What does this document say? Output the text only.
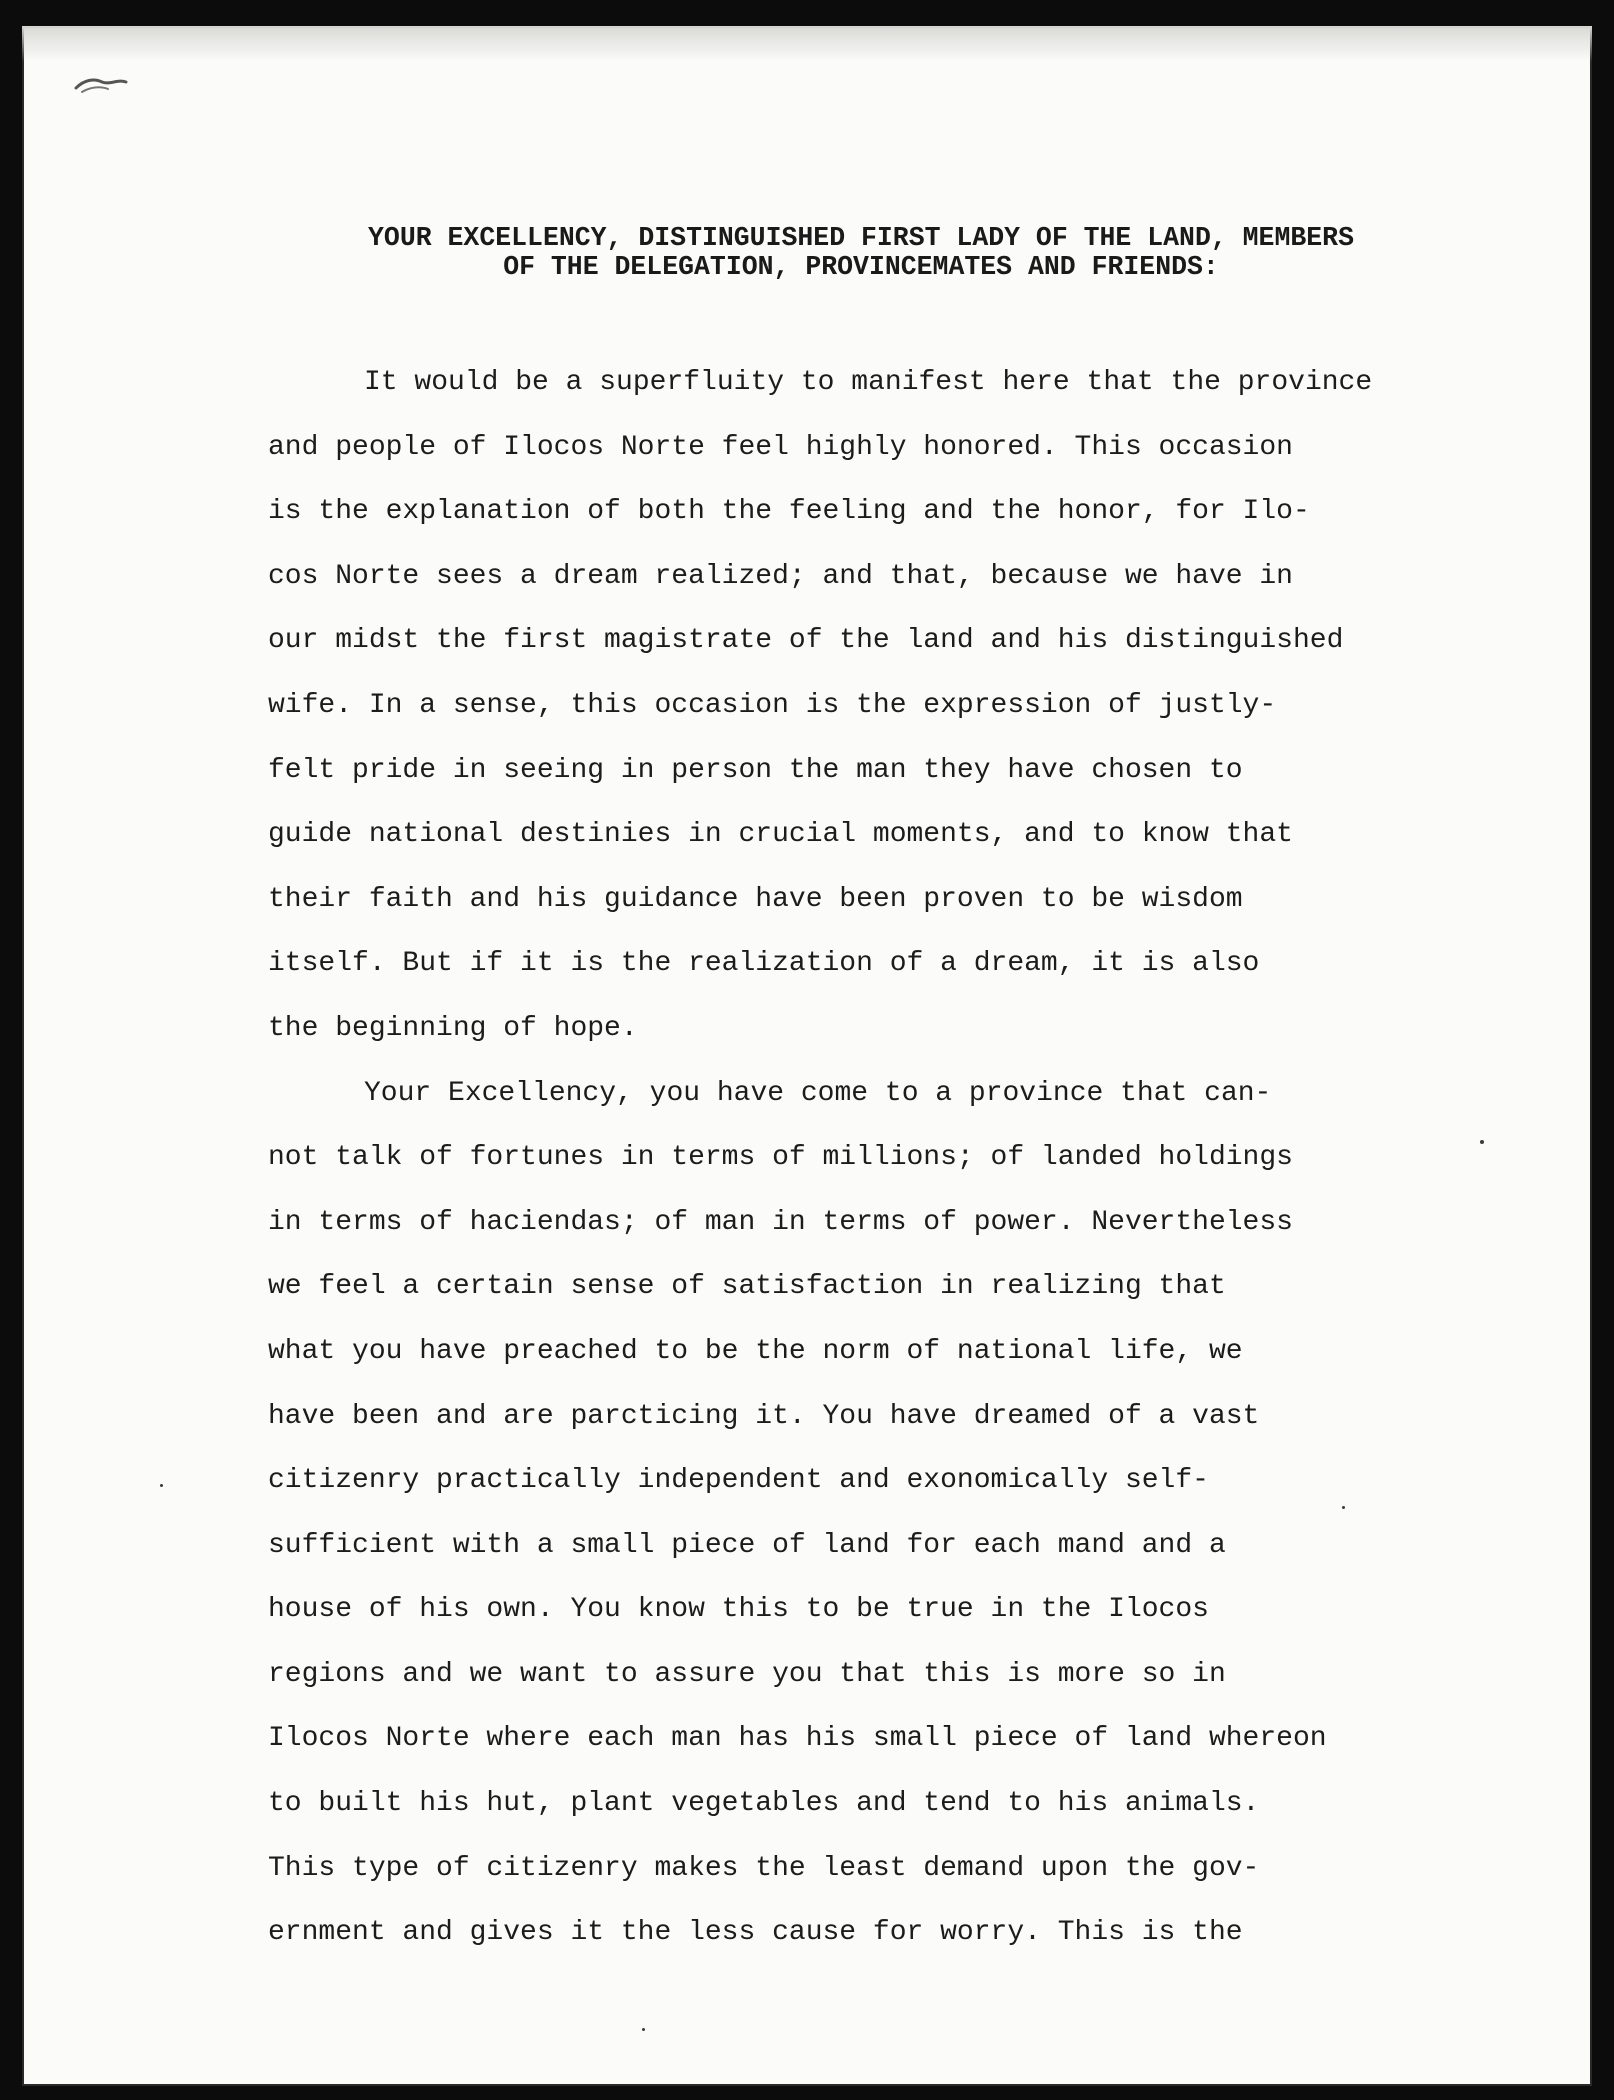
YOUR EXCELLENCY, DISTINGUISHED FIRST LADY OF THE LAND, MEMBERS
OF THE DELEGATION, PROVINCEMATES AND FRIENDS:
It would be a superfluity to manifest here that the province
and people of Ilocos Norte feel highly honored. This occasion
is the explanation of both the feeling and the honor, for Ilo-
cos Norte sees a dream realized; and that, because we have in
our midst the first magistrate of the land and his distinguished
wife. In a sense, this occasion is the expression of justly-
felt pride in seeing in person the man they have chosen to
guide national destinies in crucial moments, and to know that
their faith and his guidance have been proven to be wisdom
itself. But if it is the realization of a dream, it is also
the beginning of hope.
Your Excellency, you have come to a province that can-
not talk of fortunes in terms of millions; of landed holdings
in terms of haciendas; of man in terms of power. Nevertheless
we feel a certain sense of satisfaction in realizing that
what you have preached to be the norm of national life, we
have been and are parcticing it. You have dreamed of a vast
citizenry practically independent and exonomically self-
sufficient with a small piece of land for each mand and a
house of his own. You know this to be true in the Ilocos
regions and we want to assure you that this is more so in
Ilocos Norte where each man has his small piece of land whereon
to built his hut, plant vegetables and tend to his animals.
This type of citizenry makes the least demand upon the gov-
ernment and gives it the less cause for worry. This is the
